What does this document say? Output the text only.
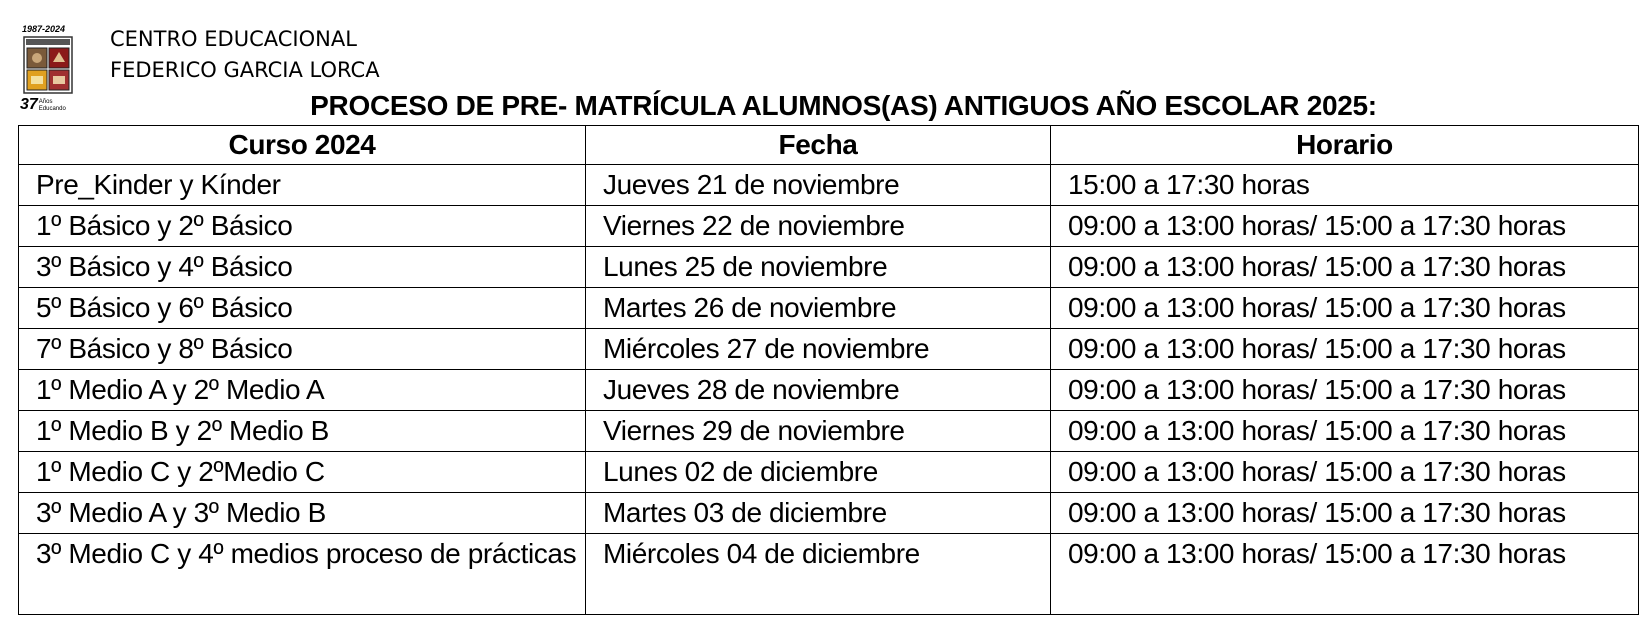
1987-2024
37 Años
Educando
CENTRO EDUCACIONAL
FEDERICO GARCIA LORCA
PROCESO DE PRE- MATRÍCULA ALUMNOS(AS) ANTIGUOS AÑO ESCOLAR 2025:
Curso 2024	Fecha	Horario
Pre_Kinder y Kínder	Jueves 21 de noviembre	15:00 a 17:30 horas
1º Básico y 2º Básico	Viernes 22 de noviembre	09:00 a 13:00 horas/ 15:00 a 17:30 horas
3º Básico y 4º Básico	Lunes 25 de noviembre	09:00 a 13:00 horas/ 15:00 a 17:30 horas
5º Básico y 6º Básico	Martes 26 de noviembre	09:00 a 13:00 horas/ 15:00 a 17:30 horas
7º Básico y 8º Básico	Miércoles 27 de noviembre	09:00 a 13:00 horas/ 15:00 a 17:30 horas
1º Medio A y 2º Medio A	Jueves 28 de noviembre	09:00 a 13:00 horas/ 15:00 a 17:30 horas
1º Medio B y 2º Medio B	Viernes 29 de noviembre	09:00 a 13:00 horas/ 15:00 a 17:30 horas
1º Medio C y 2ºMedio C	Lunes 02 de diciembre	09:00 a 13:00 horas/ 15:00 a 17:30 horas
3º Medio A y 3º Medio B	Martes 03 de diciembre	09:00 a 13:00 horas/ 15:00 a 17:30 horas
3º Medio C y 4º medios proceso de prácticas	Miércoles 04 de diciembre	09:00 a 13:00 horas/ 15:00 a 17:30 horas
